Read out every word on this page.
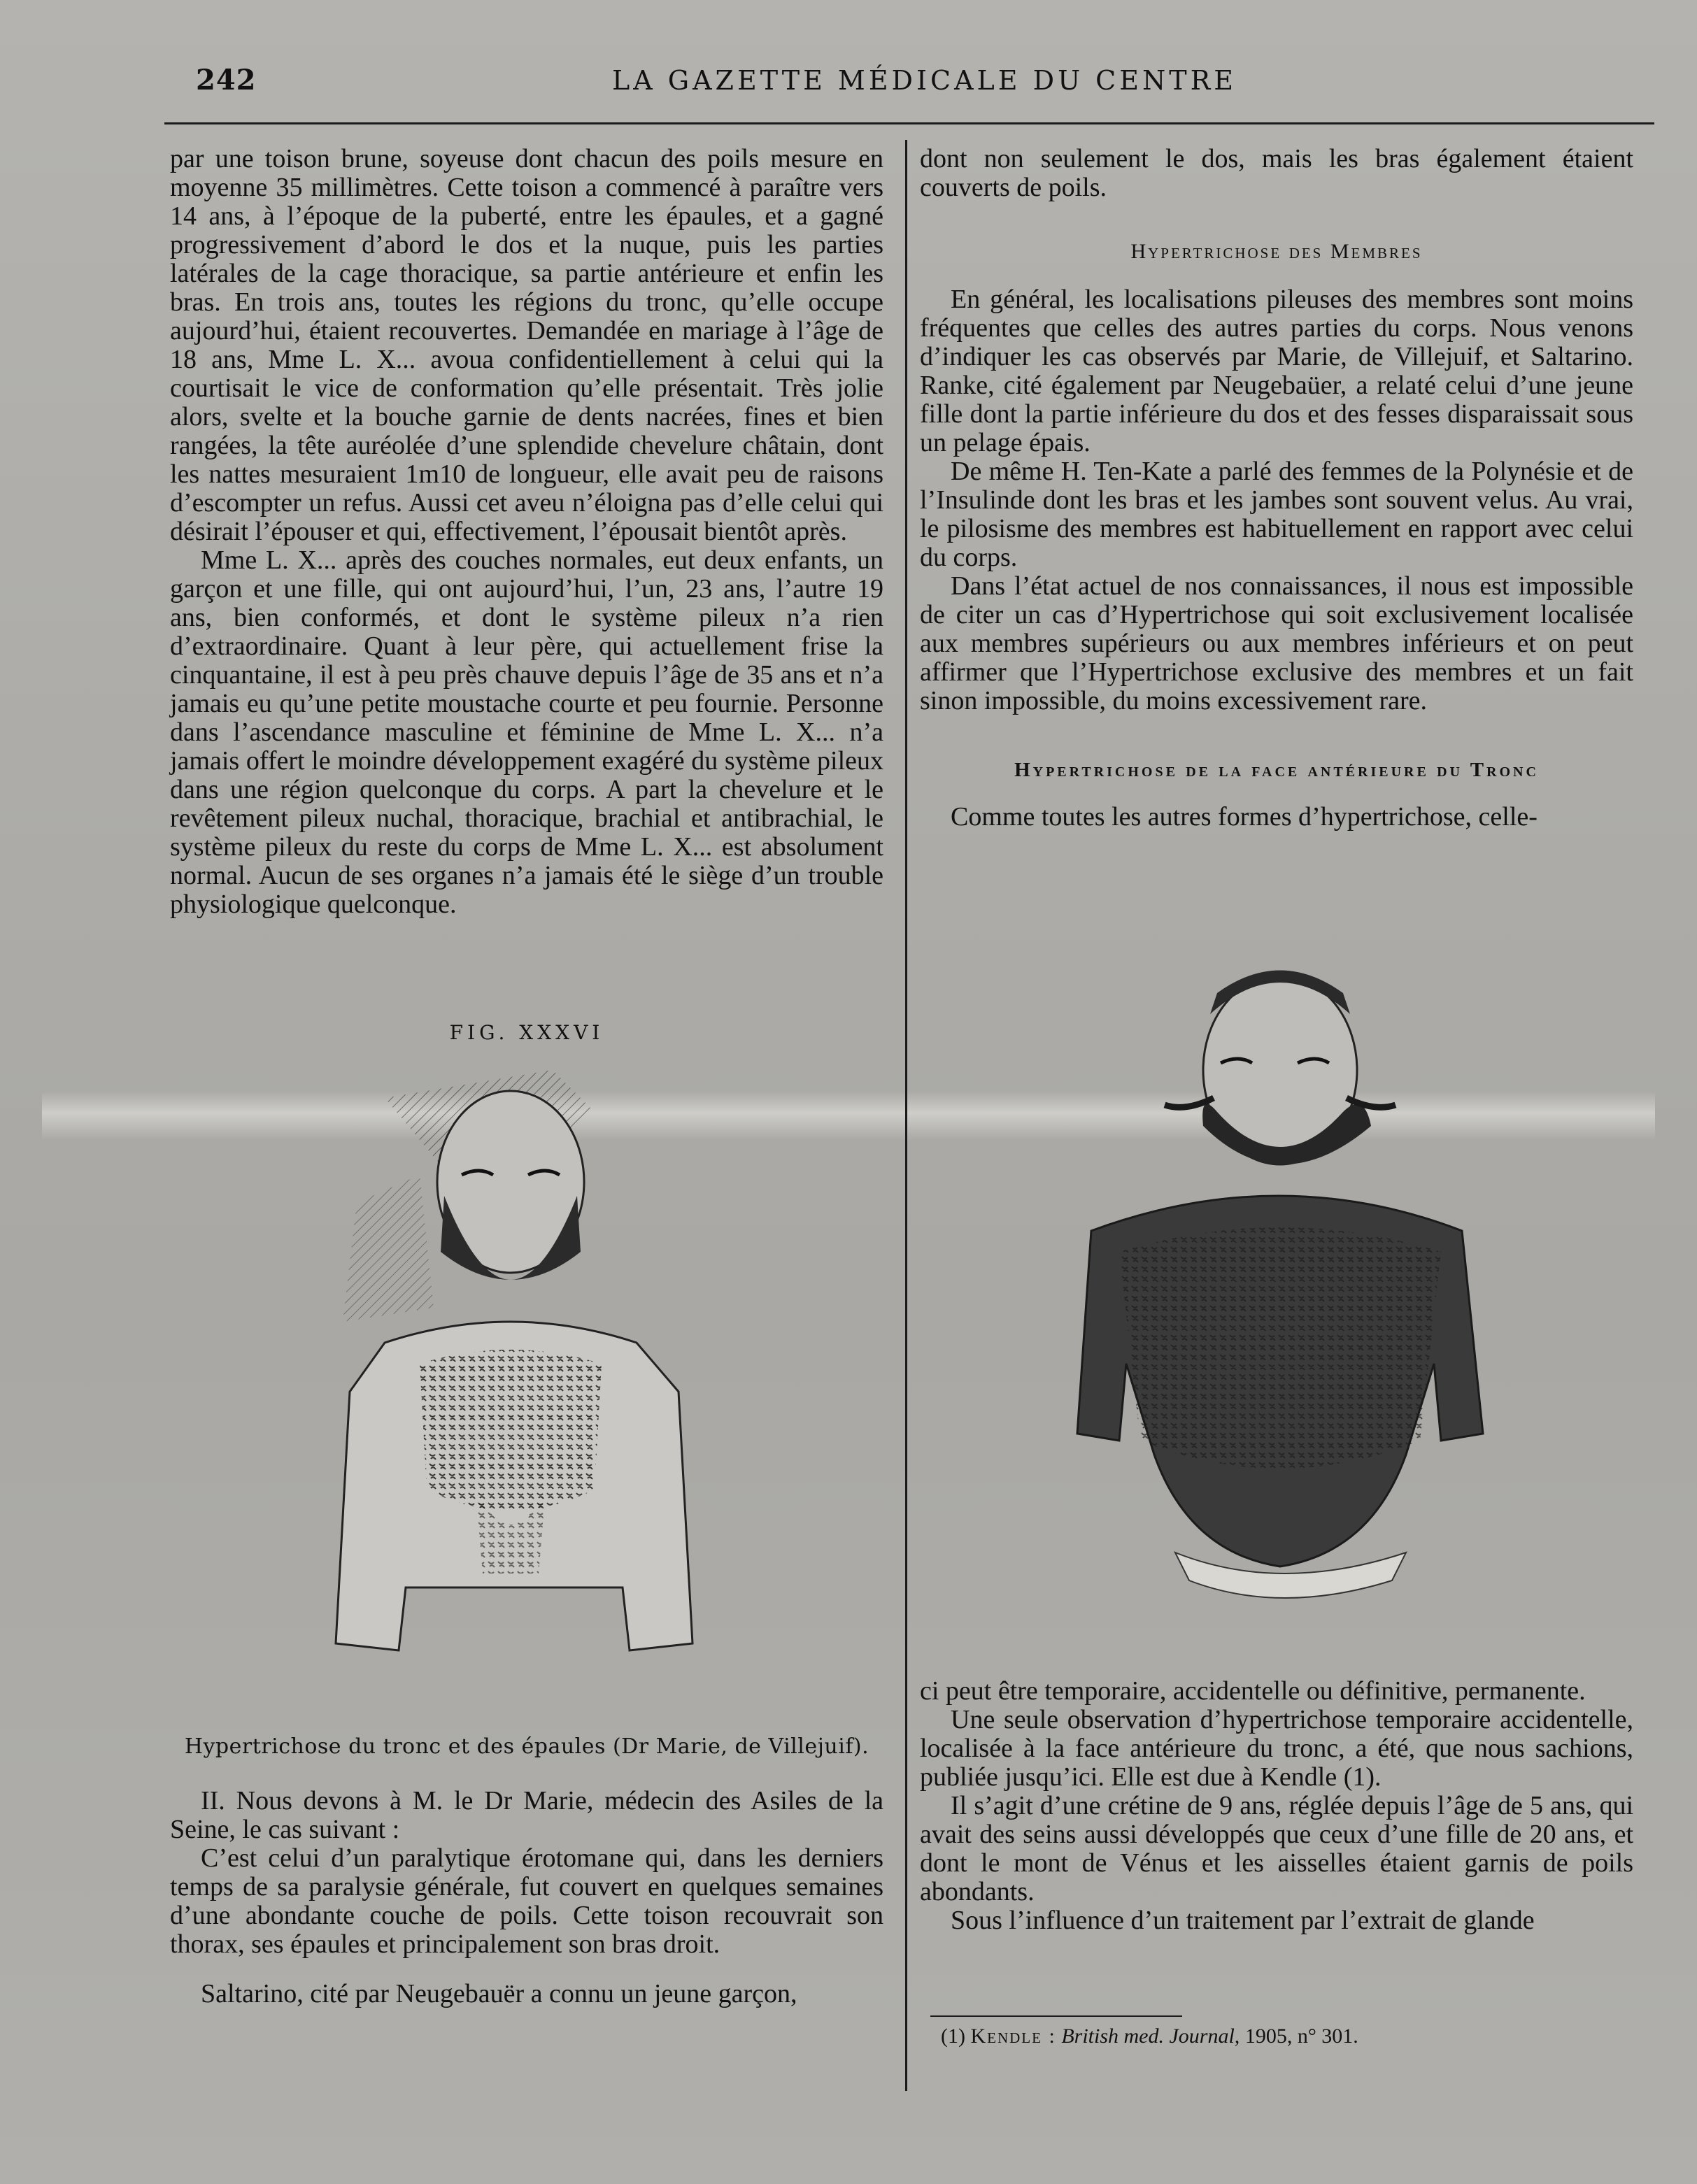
242	LA GAZETTE MÉDICALE DU CENTRE

par une toison brune, soyeuse dont chacun des poils mesure en moyenne 35 millimètres. Cette toison a commencé à paraître vers 14 ans, à l’époque de la puberté, entre les épaules, et a gagné progressivement d’abord le dos et la nuque, puis les parties latérales de la cage thoracique, sa partie antérieure et enfin les bras. En trois ans, toutes les régions du tronc, qu’elle occupe aujourd’hui, étaient recouvertes. Demandée en mariage à l’âge de 18 ans, Mme L. X... avoua confidentiellement à celui qui la courtisait le vice de conformation qu’elle présentait. Très jolie alors, svelte et la bouche garnie de dents nacrées, fines et bien rangées, la tête auréolée d’une splendide chevelure châtain, dont les nattes mesuraient 1m10 de longueur, elle avait peu de raisons d’escompter un refus. Aussi cet aveu n’éloigna pas d’elle celui qui désirait l’épouser et qui, effectivement, l’épousait bientôt après.

Mme L. X... après des couches normales, eut deux enfants, un garçon et une fille, qui ont aujourd’hui, l’un, 23 ans, l’autre 19 ans, bien conformés, et dont le système pileux n’a rien d’extraordinaire. Quant à leur père, qui actuellement frise la cinquantaine, il est à peu près chauve depuis l’âge de 35 ans et n’a jamais eu qu’une petite moustache courte et peu fournie. Personne dans l’ascendance masculine et féminine de Mme L. X... n’a jamais offert le moindre développement exagéré du système pileux dans une région quelconque du corps. A part la chevelure et le revêtement pileux nuchal, thoracique, brachial et antibrachial, le système pileux du reste du corps de Mme L. X... est absolument normal. Aucun de ses organes n’a jamais été le siège d’un trouble physiologique quelconque.

FIG. XXXVI
Hypertrichose du tronc et des épaules (Dr Marie, de Villejuif).

II. Nous devons à M. le Dr Marie, médecin des Asiles de la Seine, le cas suivant :

C’est celui d’un paralytique érotomane qui, dans les derniers temps de sa paralysie générale, fut couvert en quelques semaines d’une abondante couche de poils. Cette toison recouvrait son thorax, ses épaules et principalement son bras droit.

Saltarino, cité par Neugebauër a connu un jeune garçon,

dont non seulement le dos, mais les bras également étaient couverts de poils.

Hypertrichose des Membres

En général, les localisations pileuses des membres sont moins fréquentes que celles des autres parties du corps. Nous venons d’indiquer les cas observés par Marie, de Villejuif, et Saltarino. Ranke, cité également par Neugebaüer, a relaté celui d’une jeune fille dont la partie inférieure du dos et des fesses disparaissait sous un pelage épais.

De même H. Ten-Kate a parlé des femmes de la Polynésie et de l’Insulinde dont les bras et les jambes sont souvent velus. Au vrai, le pilosisme des membres est habituellement en rapport avec celui du corps.

Dans l’état actuel de nos connaissances, il nous est impossible de citer un cas d’Hypertrichose qui soit exclusivement localisée aux membres supérieurs ou aux membres inférieurs et on peut affirmer que l’Hypertrichose exclusive des membres et un fait sinon impossible, du moins excessivement rare.

Hypertrichose de la face antérieure du Tronc

Comme toutes les autres formes d’hypertrichose, celle-

ci peut être temporaire, accidentelle ou définitive, permanente.

Une seule observation d’hypertrichose temporaire accidentelle, localisée à la face antérieure du tronc, a été, que nous sachions, publiée jusqu’ici. Elle est due à Kendle (1).

Il s’agit d’une crétine de 9 ans, réglée depuis l’âge de 5 ans, qui avait des seins aussi développés que ceux d’une fille de 20 ans, et dont le mont de Vénus et les aisselles étaient garnis de poils abondants.

Sous l’influence d’un traitement par l’extrait de glande

(1) Kendle : British med. Journal, 1905, n° 301.
